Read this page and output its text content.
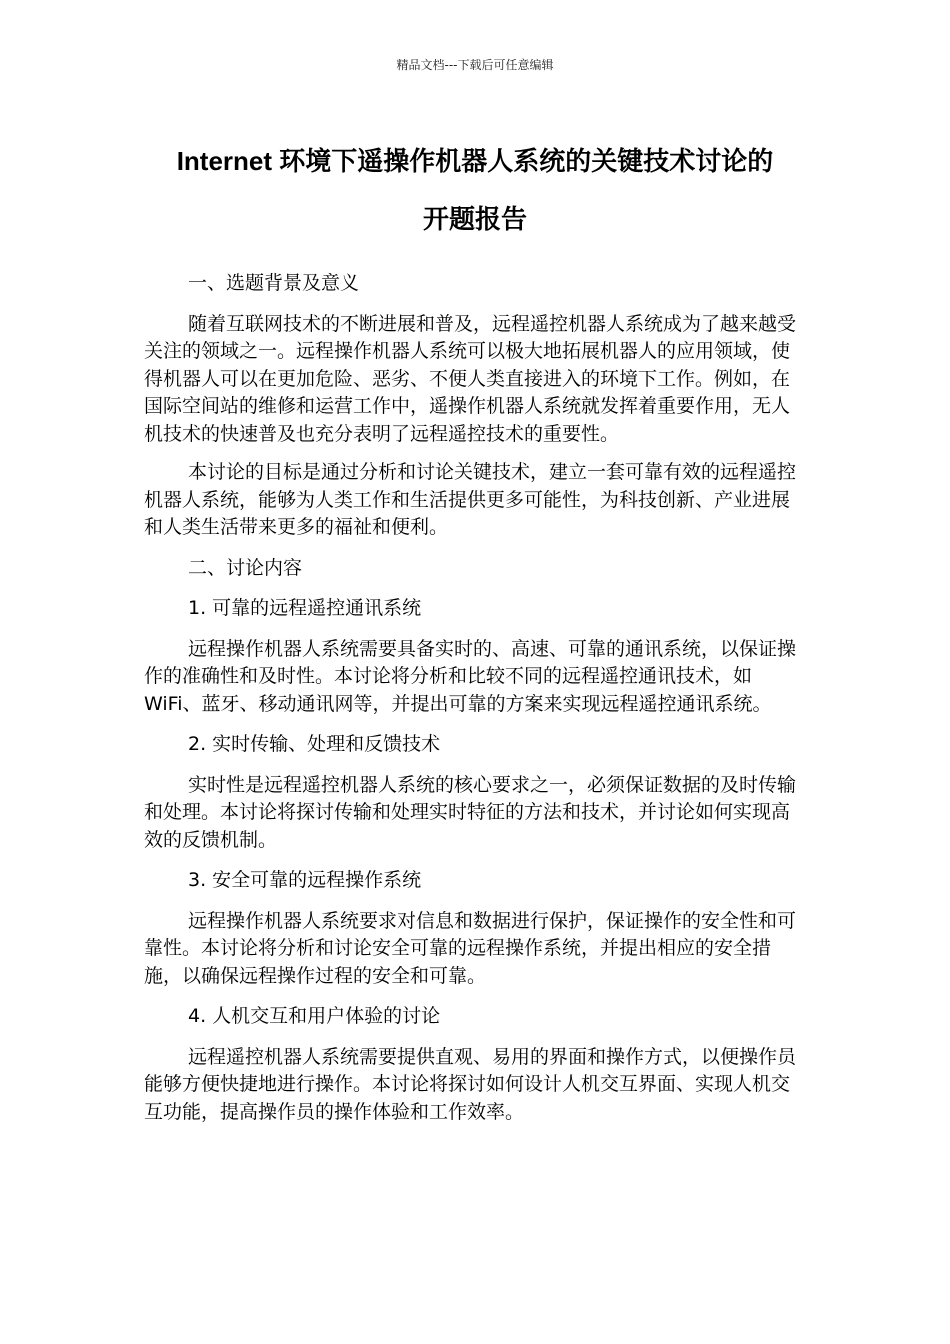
精品文档---下载后可任意编辑
Internet 环境下遥操作机器人系统的关键技术讨论的
开题报告

一、选题背景及意义

随着互联网技术的不断进展和普及，远程遥控机器人系统成为了越来越受关注的领域之一。远程操作机器人系统可以极大地拓展机器人的应用领域，使得机器人可以在更加危险、恶劣、不便人类直接进入的环境下工作。例如，在国际空间站的维修和运营工作中，遥操作机器人系统就发挥着重要作用，无人机技术的快速普及也充分表明了远程遥控技术的重要性。

本讨论的目标是通过分析和讨论关键技术，建立一套可靠有效的远程遥控机器人系统，能够为人类工作和生活提供更多可能性，为科技创新、产业进展和人类生活带来更多的福祉和便利。

二、讨论内容

1. 可靠的远程遥控通讯系统

远程操作机器人系统需要具备实时的、高速、可靠的通讯系统，以保证操作的准确性和及时性。本讨论将分析和比较不同的远程遥控通讯技术，如 WiFi、蓝牙、移动通讯网等，并提出可靠的方案来实现远程遥控通讯系统。

2. 实时传输、处理和反馈技术

实时性是远程遥控机器人系统的核心要求之一，必须保证数据的及时传输和处理。本讨论将探讨传输和处理实时特征的方法和技术，并讨论如何实现高效的反馈机制。

3. 安全可靠的远程操作系统

远程操作机器人系统要求对信息和数据进行保护，保证操作的安全性和可靠性。本讨论将分析和讨论安全可靠的远程操作系统，并提出相应的安全措施，以确保远程操作过程的安全和可靠。

4. 人机交互和用户体验的讨论

远程遥控机器人系统需要提供直观、易用的界面和操作方式，以便操作员能够方便快捷地进行操作。本讨论将探讨如何设计人机交互界面、实现人机交互功能，提高操作员的操作体验和工作效率。
